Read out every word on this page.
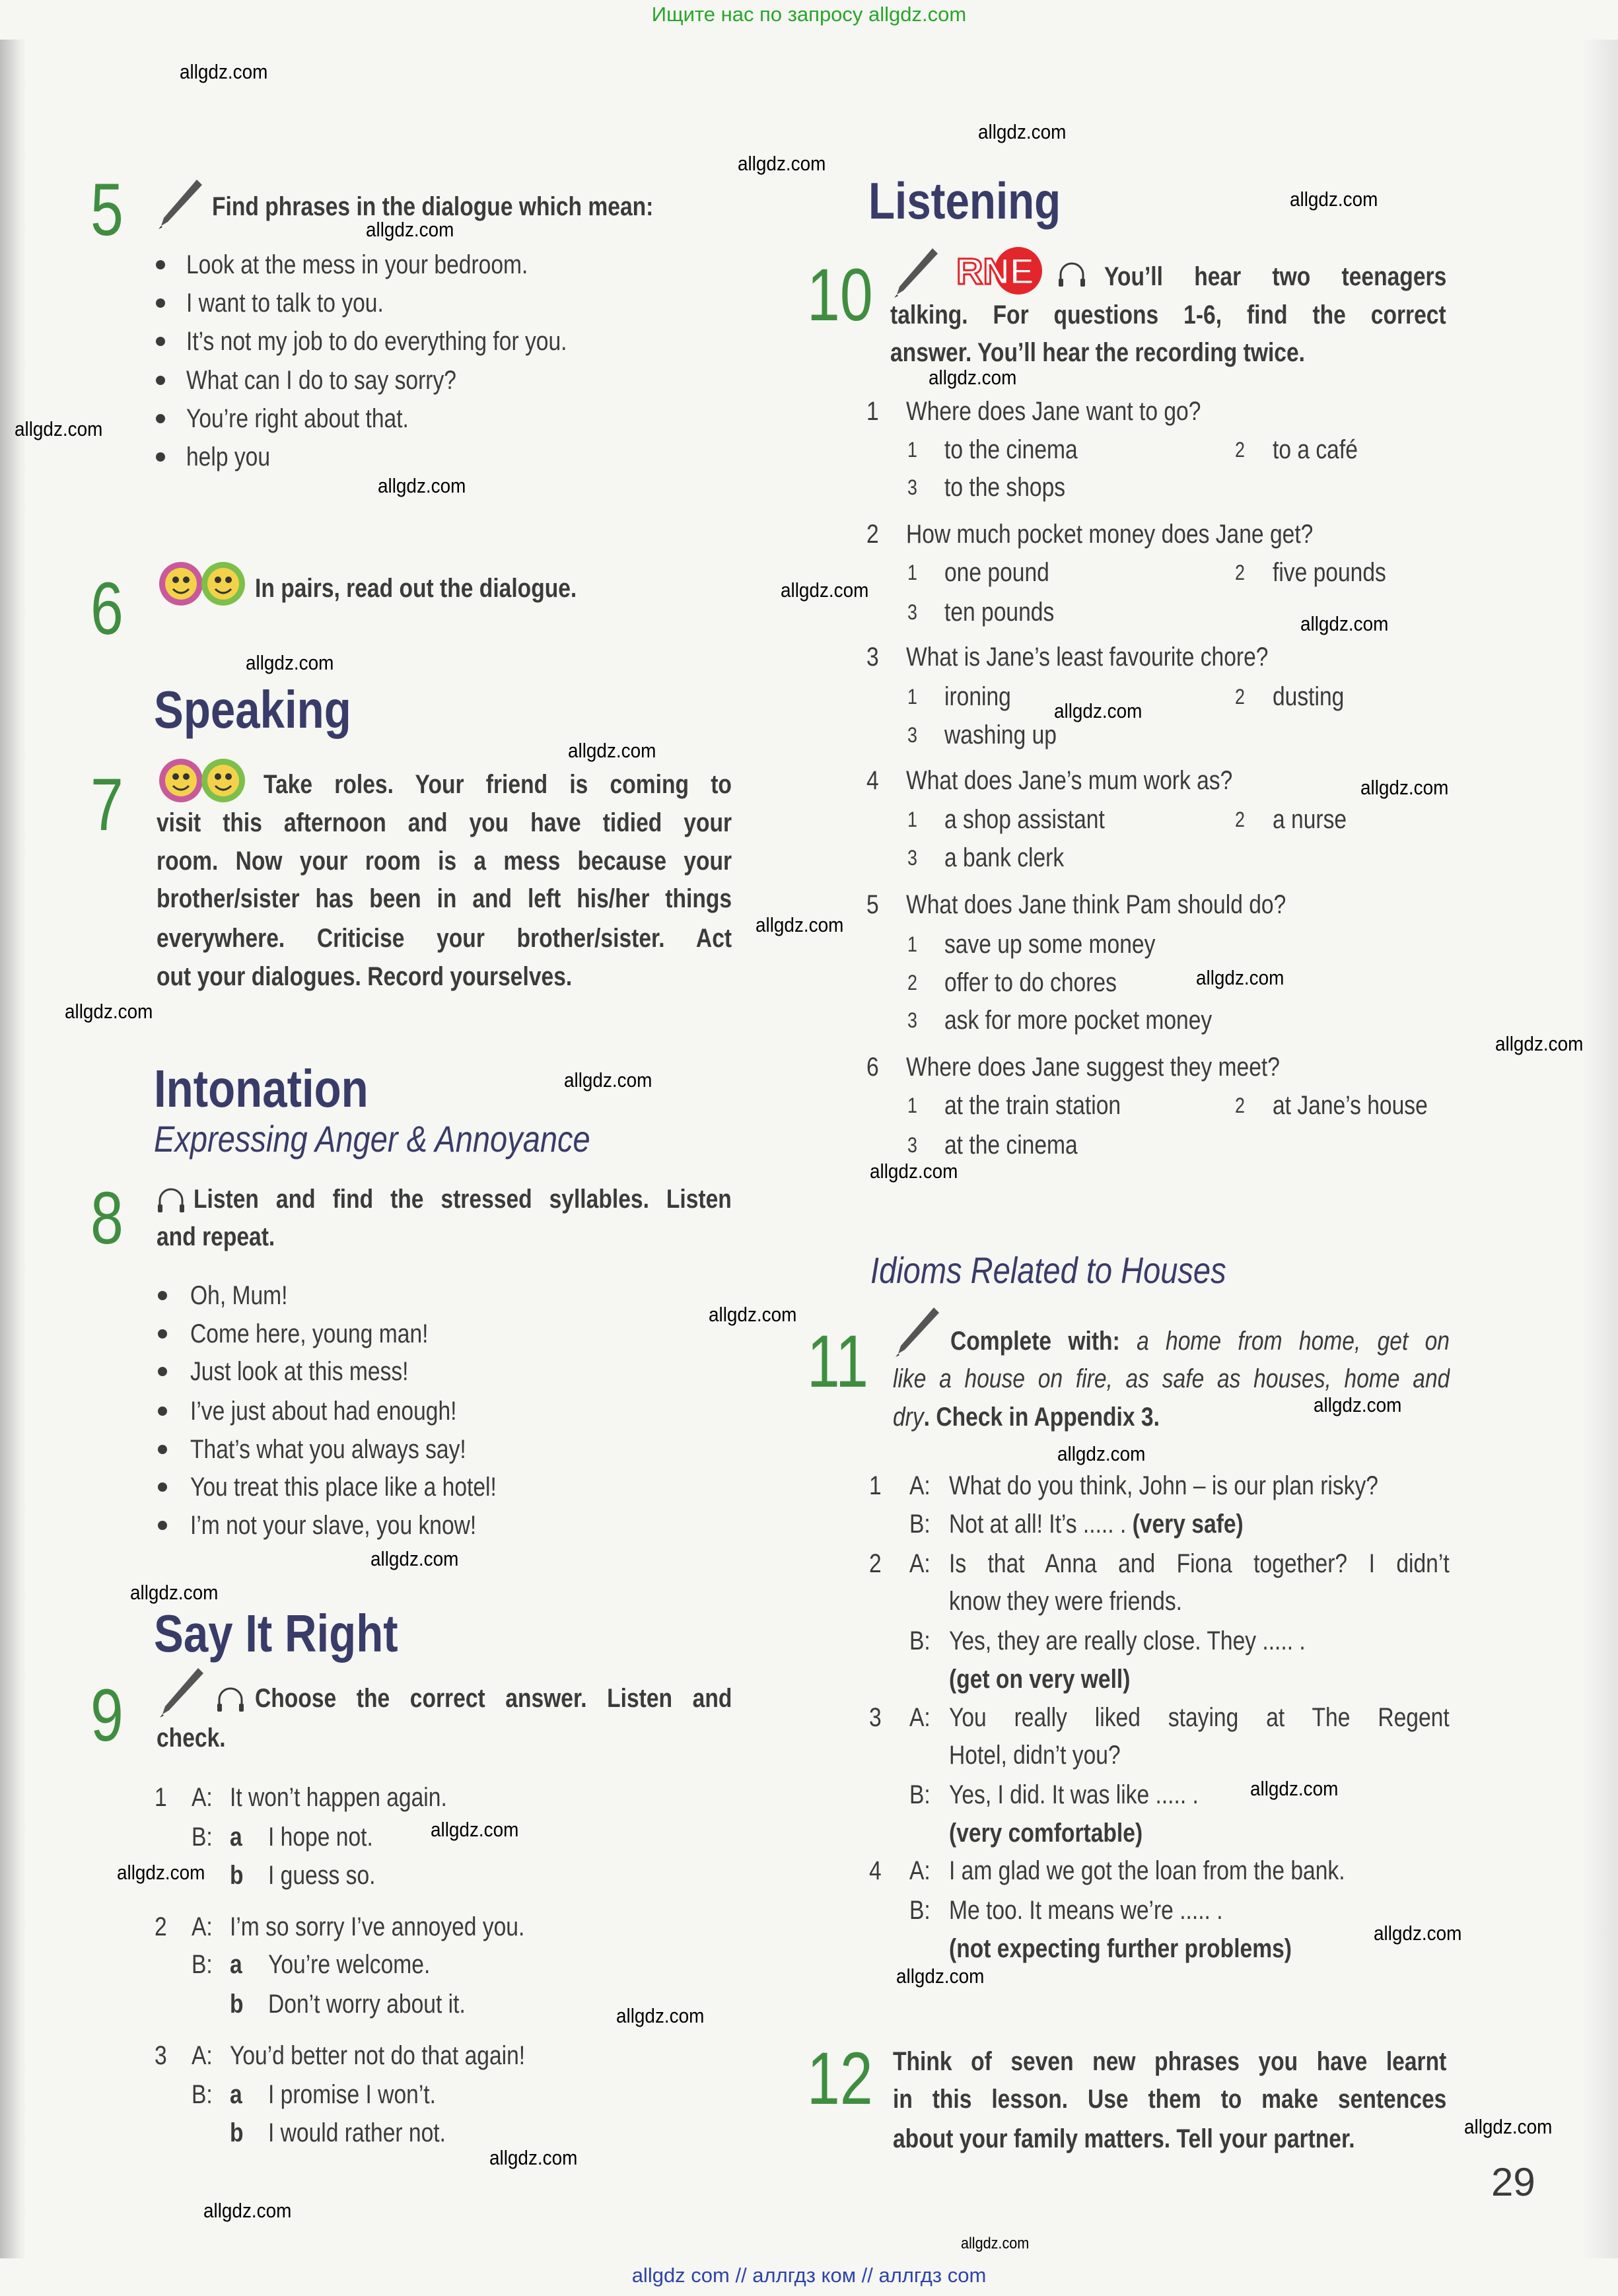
Ищите нас по запросу allgdz.com
5	Find phrases in the dialogue which mean:
Look at the mess in your bedroom.
I want to talk to you.
It’s not my job to do everything for you.
What can I do to say sorry?
You’re right about that.
help you
6	In pairs, read out the dialogue.
Speaking
7	Take roles. Your friend is coming to
visit this afternoon and you have tidied your
room. Now your room is a mess because your
brother/sister has been in and left his/her things
everywhere. Criticise your brother/sister. Act
out your dialogues. Record yourselves.
Intonation
Expressing Anger & Annoyance
8	Listen and find the stressed syllables. Listen
and repeat.
Oh, Mum!
Come here, young man!
Just look at this mess!
I’ve just about had enough!
That’s what you always say!
You treat this place like a hotel!
I’m not your slave, you know!
Say It Right
9	Choose the correct answer. Listen and
check.
1 A: It won’t happen again.
B: a I hope not.
b I guess so.
2 A: I’m so sorry I’ve annoyed you.
B: a You’re welcome.
b Don’t worry about it.
3 A: You’d better not do that again!
B: a I promise I won’t.
b I would rather not.
Listening
10 RNE	You’ll hear two teenagers
talking. For questions 1-6, find the correct
answer. You’ll hear the recording twice.
1 Where does Jane want to go?
1 to the cinema	2 to a café
3 to the shops
2 How much pocket money does Jane get?
1 one pound	2 five pounds
3 ten pounds
3 What is Jane’s least favourite chore?
1 ironing	2 dusting
3 washing up
4 What does Jane’s mum work as?
1 a shop assistant	2 a nurse
3 a bank clerk
5 What does Jane think Pam should do?
1 save up some money
2 offer to do chores
3 ask for more pocket money
6 Where does Jane suggest they meet?
1 at the train station	2 at Jane’s house
3 at the cinema
Idioms Related to Houses
11	Complete with: a home from home, get on
like a house on fire, as safe as houses, home and
dry. Check in Appendix 3.
1 A: What do you think, John – is our plan risky?
B: Not at all! It’s ..... . (very safe)
2 A: Is that Anna and Fiona together? I didn’t
know they were friends.
B: Yes, they are really close. They ..... .
(get on very well)
3 A: You really liked staying at The Regent
Hotel, didn’t you?
B: Yes, I did. It was like ..... .
(very comfortable)
4 A: I am glad we got the loan from the bank.
B: Me too. It means we’re ..... .
(not expecting further problems)
12 Think of seven new phrases you have learnt
in this lesson. Use them to make sentences
about your family matters. Tell your partner.
29
allgdz.com
allgdz.com
allgdz.com
allgdz.com
allgdz.com
allgdz.com
allgdz.com
allgdz.com
allgdz.com
allgdz.com
allgdz.com
allgdz.com
allgdz.com
allgdz.com
allgdz.com
allgdz.com
allgdz.com
allgdz.com
allgdz.com
allgdz.com
allgdz.com
allgdz.com
allgdz.com
allgdz.com
allgdz.com
allgdz.com
allgdz.com
allgdz.com
allgdz.com
allgdz.com
allgdz.com
allgdz.com
allgdz.com
allgdz.com
allgdz.com
allgdz com // аллгдз ком // аллгдз com
